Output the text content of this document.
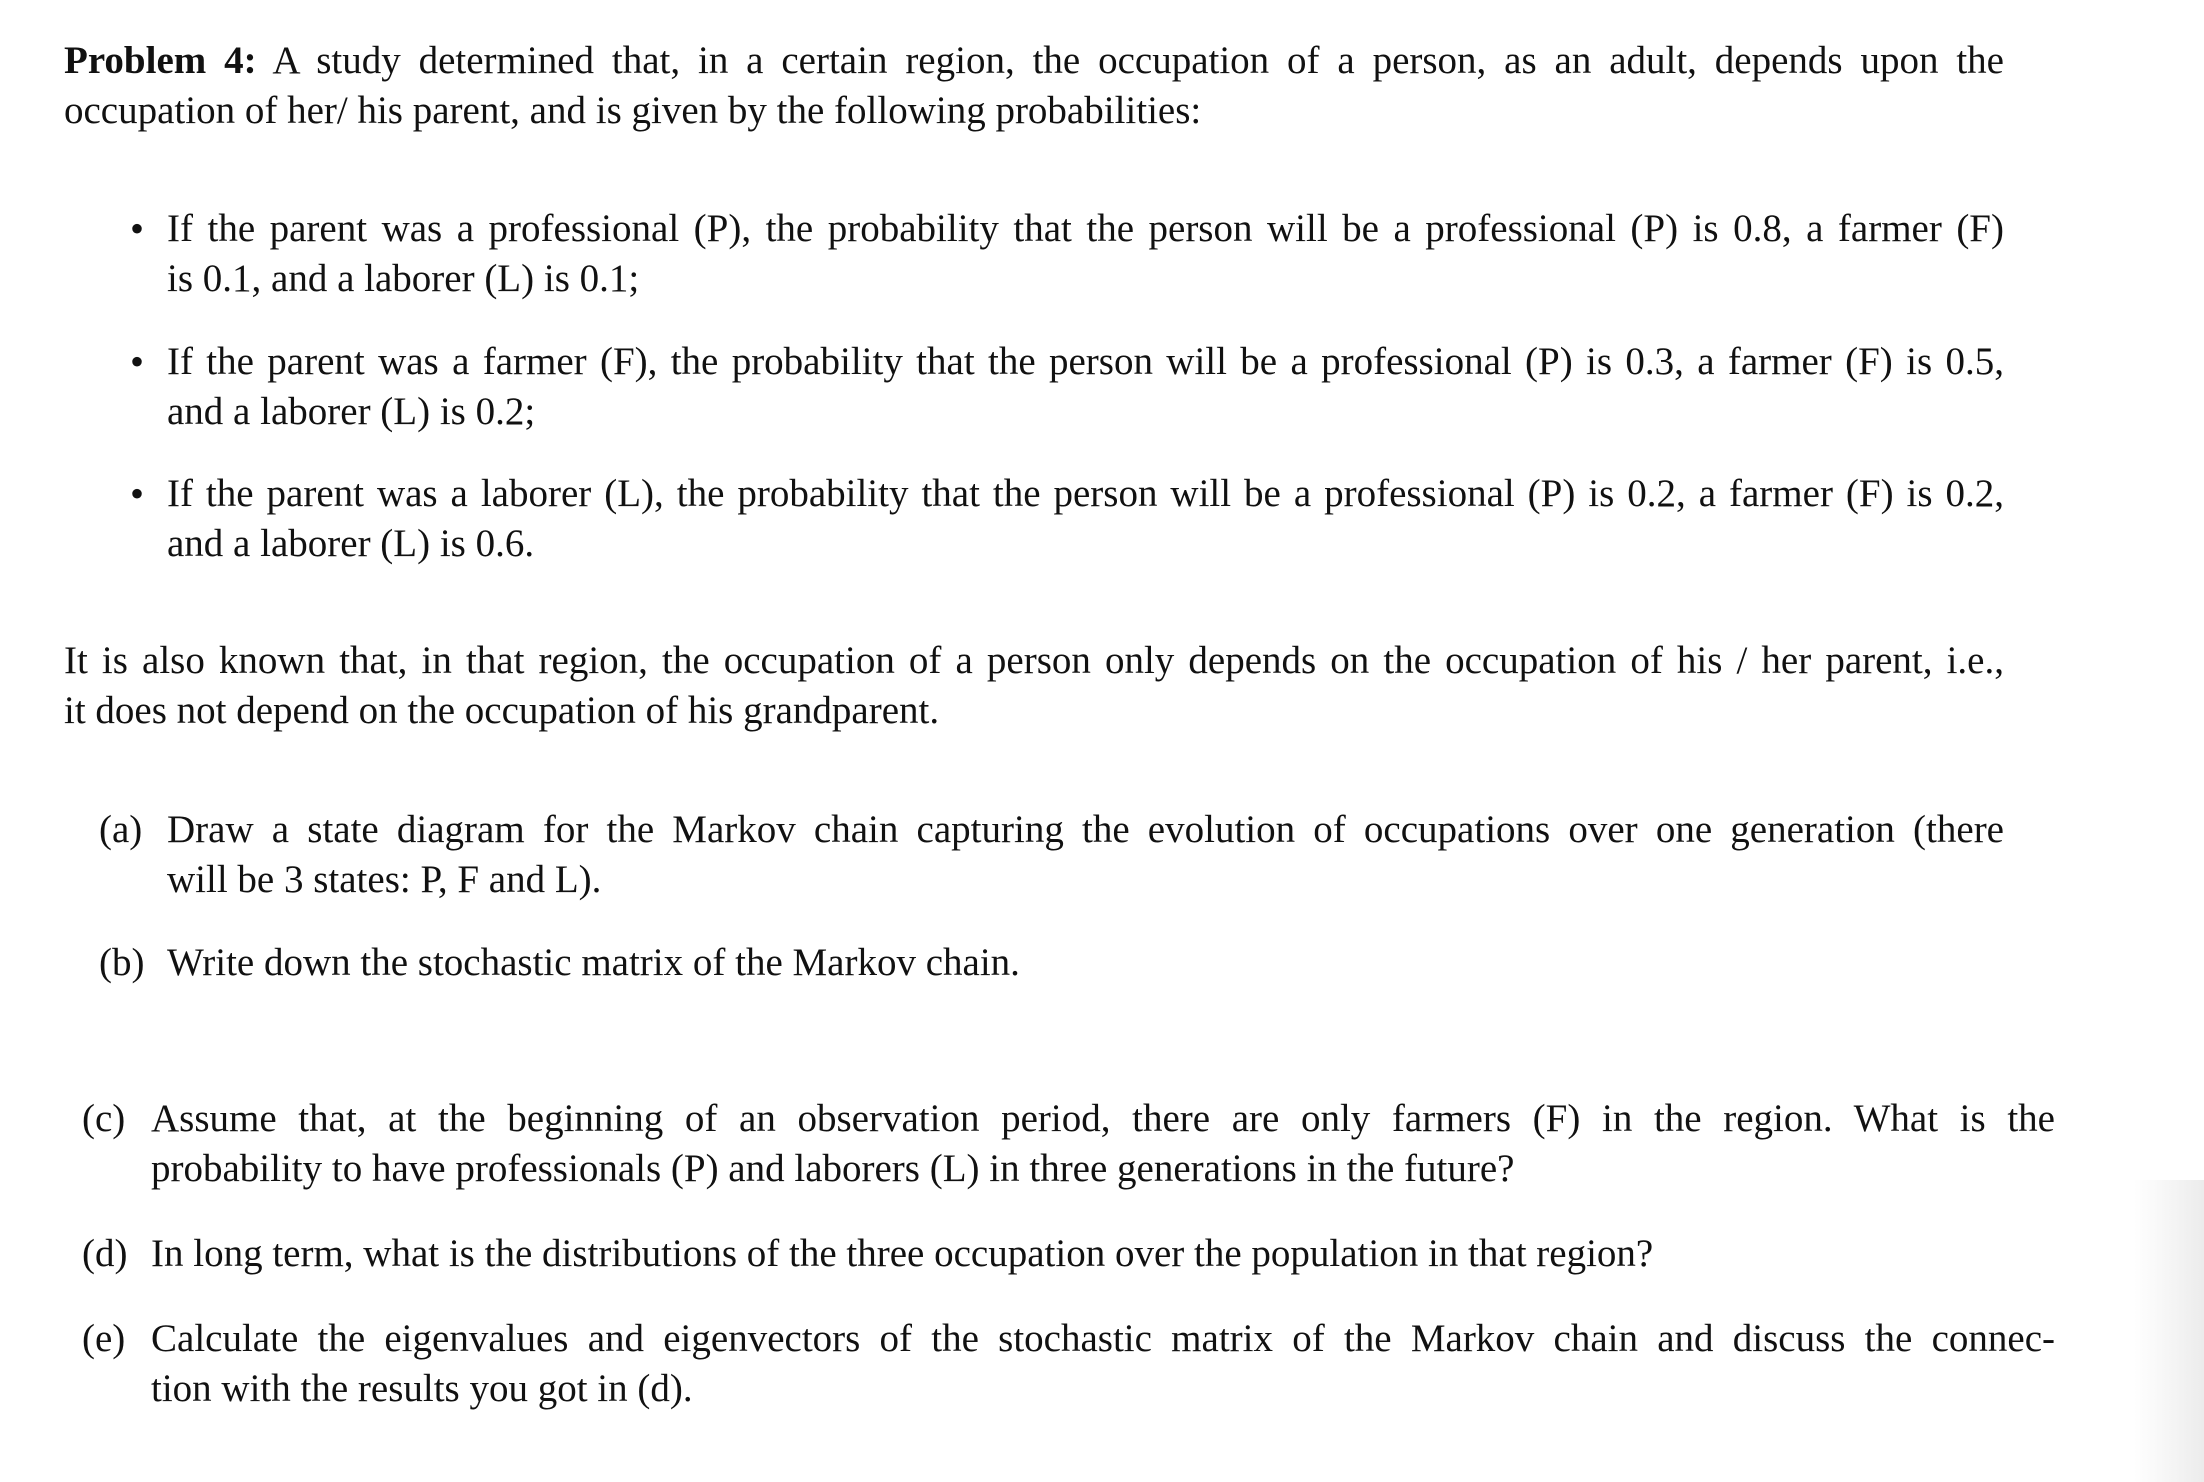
Problem 4: A study determined that, in a certain region, the occupation of a person, as an adult, depends upon the
occupation of her/ his parent, and is given by the following probabilities:
• If the parent was a professional (P), the probability that the person will be a professional (P) is 0.8, a farmer (F)
is 0.1, and a laborer (L) is 0.1;
• If the parent was a farmer (F), the probability that the person will be a professional (P) is 0.3, a farmer (F) is 0.5,
and a laborer (L) is 0.2;
• If the parent was a laborer (L), the probability that the person will be a professional (P) is 0.2, a farmer (F) is 0.2,
and a laborer (L) is 0.6.
It is also known that, in that region, the occupation of a person only depends on the occupation of his / her parent, i.e.,
it does not depend on the occupation of his grandparent.
(a) Draw a state diagram for the Markov chain capturing the evolution of occupations over one generation (there
will be 3 states: P, F and L).
(b) Write down the stochastic matrix of the Markov chain.
(c) Assume that, at the beginning of an observation period, there are only farmers (F) in the region. What is the
probability to have professionals (P) and laborers (L) in three generations in the future?
(d) In long term, what is the distributions of the three occupation over the population in that region?
(e) Calculate the eigenvalues and eigenvectors of the stochastic matrix of the Markov chain and discuss the connec-
tion with the results you got in (d).
